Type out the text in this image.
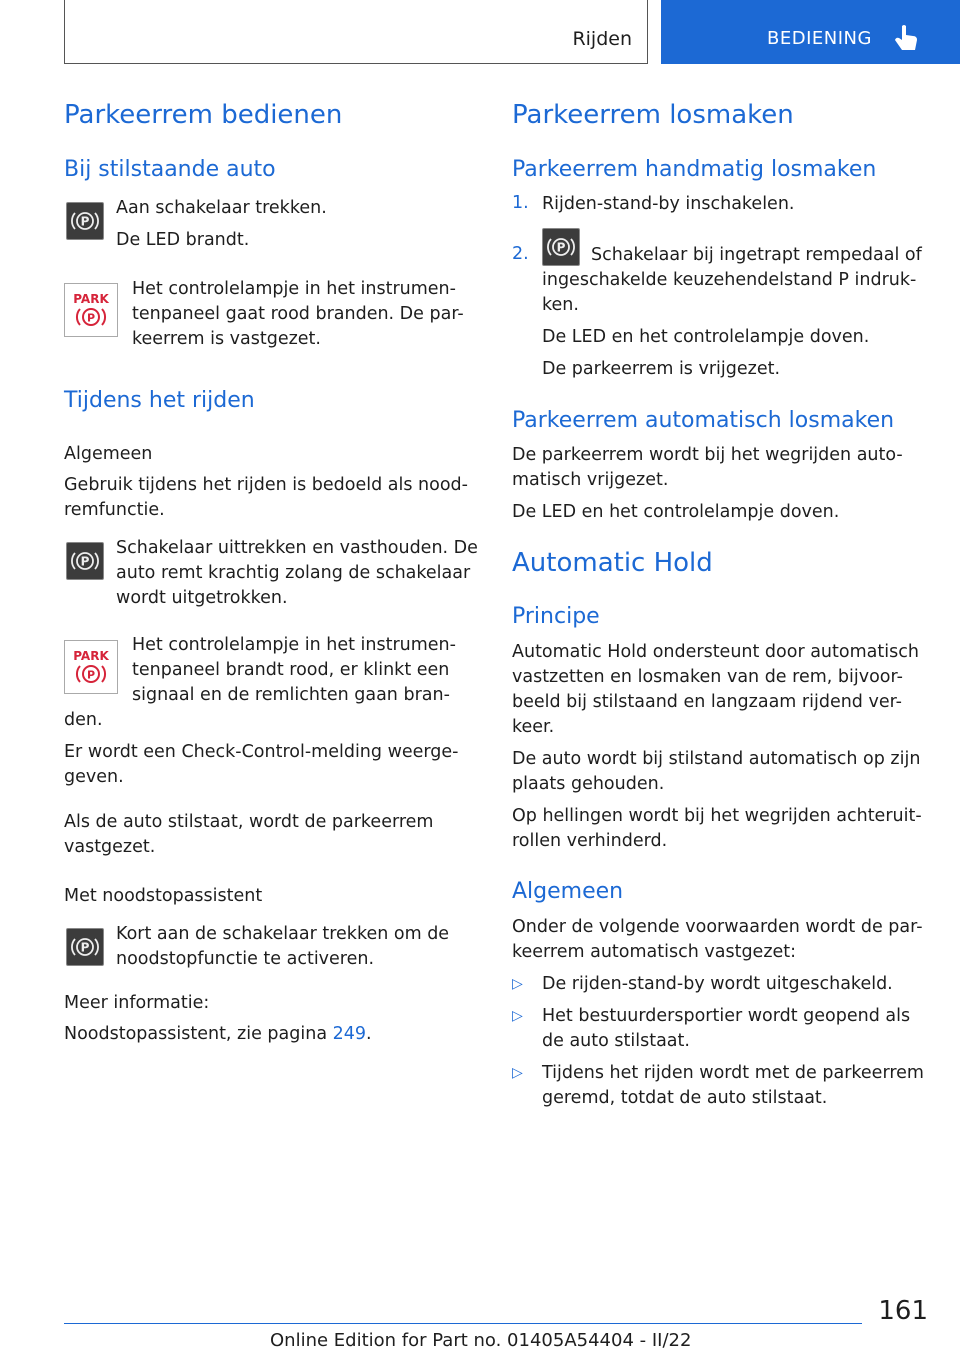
Rijden	BEDIENING
Parkeerrem bedienen
Bij stilstaande auto
P
Aan schakelaar trekken.
De LED brandt.
PARK
P
Het controlelampje in het instrumen-
tenpaneel gaat rood branden. De par-
keerrem is vastgezet.
Tijdens het rijden
Algemeen
Gebruik tijdens het rijden is bedoeld als nood-
remfunctie.
P
Schakelaar uittrekken en vasthouden. De
auto remt krachtig zolang de schakelaar
wordt uitgetrokken.
PARK
P
Het controlelampje in het instrumen-
tenpaneel brandt rood, er klinkt een
signaal en de remlichten gaan bran-
den.
Er wordt een Check-Control-melding weerge-
geven.
Als de auto stilstaat, wordt de parkeerrem
vastgezet.
Met noodstopassistent
P
Kort aan de schakelaar trekken om de
noodstopfunctie te activeren.
Meer informatie:
Noodstopassistent, zie pagina 249.
Parkeerrem losmaken
Parkeerrem handmatig losmaken
1. Rijden-stand-by inschakelen.
2. P Schakelaar bij ingetrapt rempedaal of
ingeschakelde keuzehendelstand P indruk-
ken.
De LED en het controlelampje doven.
De parkeerrem is vrijgezet.
Parkeerrem automatisch losmaken
De parkeerrem wordt bij het wegrijden auto-
matisch vrijgezet.
De LED en het controlelampje doven.
Automatic Hold
Principe
Automatic Hold ondersteunt door automatisch
vastzetten en losmaken van de rem, bijvoor-
beeld bij stilstaand en langzaam rijdend ver-
keer.
De auto wordt bij stilstand automatisch op zijn
plaats gehouden.
Op hellingen wordt bij het wegrijden achteruit-
rollen verhinderd.
Algemeen
Onder de volgende voorwaarden wordt de par-
keerrem automatisch vastgezet:
▷ De rijden-stand-by wordt uitgeschakeld.
▷ Het bestuurdersportier wordt geopend als
de auto stilstaat.
▷ Tijdens het rijden wordt met de parkeerrem
geremd, totdat de auto stilstaat.
161
Online Edition for Part no. 01405A54404 - II/22
